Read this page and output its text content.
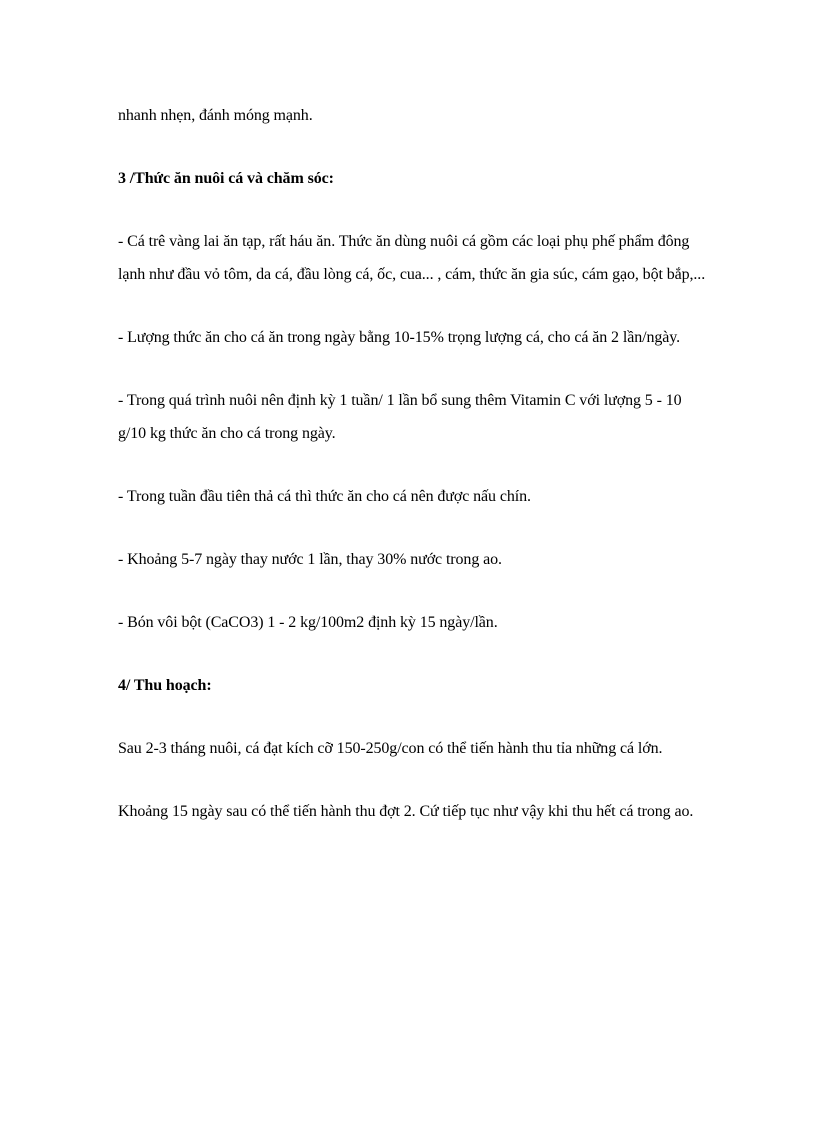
nhanh nhẹn, đánh móng mạnh.

3 /Thức ăn nuôi cá và chăm sóc:

- Cá trê vàng lai ăn tạp, rất háu ăn. Thức ăn dùng nuôi cá gồm các loại phụ phế phẩm đông lạnh như đầu vỏ tôm, da cá, đầu lòng cá, ốc, cua... , cám, thức ăn gia súc, cám gạo, bột bắp,...

- Lượng thức ăn cho cá ăn trong ngày bằng 10-15% trọng lượng cá, cho cá ăn 2 lần/ngày.

- Trong quá trình nuôi nên định kỳ 1 tuần/ 1 lần bổ sung thêm Vitamin C với lượng 5 - 10 g/10 kg thức ăn cho cá trong ngày.

- Trong tuần đầu tiên thả cá thì thức ăn cho cá nên được nấu chín.

- Khoảng 5-7 ngày thay nước 1 lần, thay 30% nước trong ao.

- Bón vôi bột (CaCO3) 1 - 2 kg/100m2 định kỳ 15 ngày/lần.

4/ Thu hoạch:

Sau 2-3 tháng nuôi, cá đạt kích cỡ 150-250g/con có thể tiến hành thu tỉa những cá lớn.

Khoảng 15 ngày sau có thể tiến hành thu đợt 2. Cứ tiếp tục như vậy khi thu hết cá trong ao.
